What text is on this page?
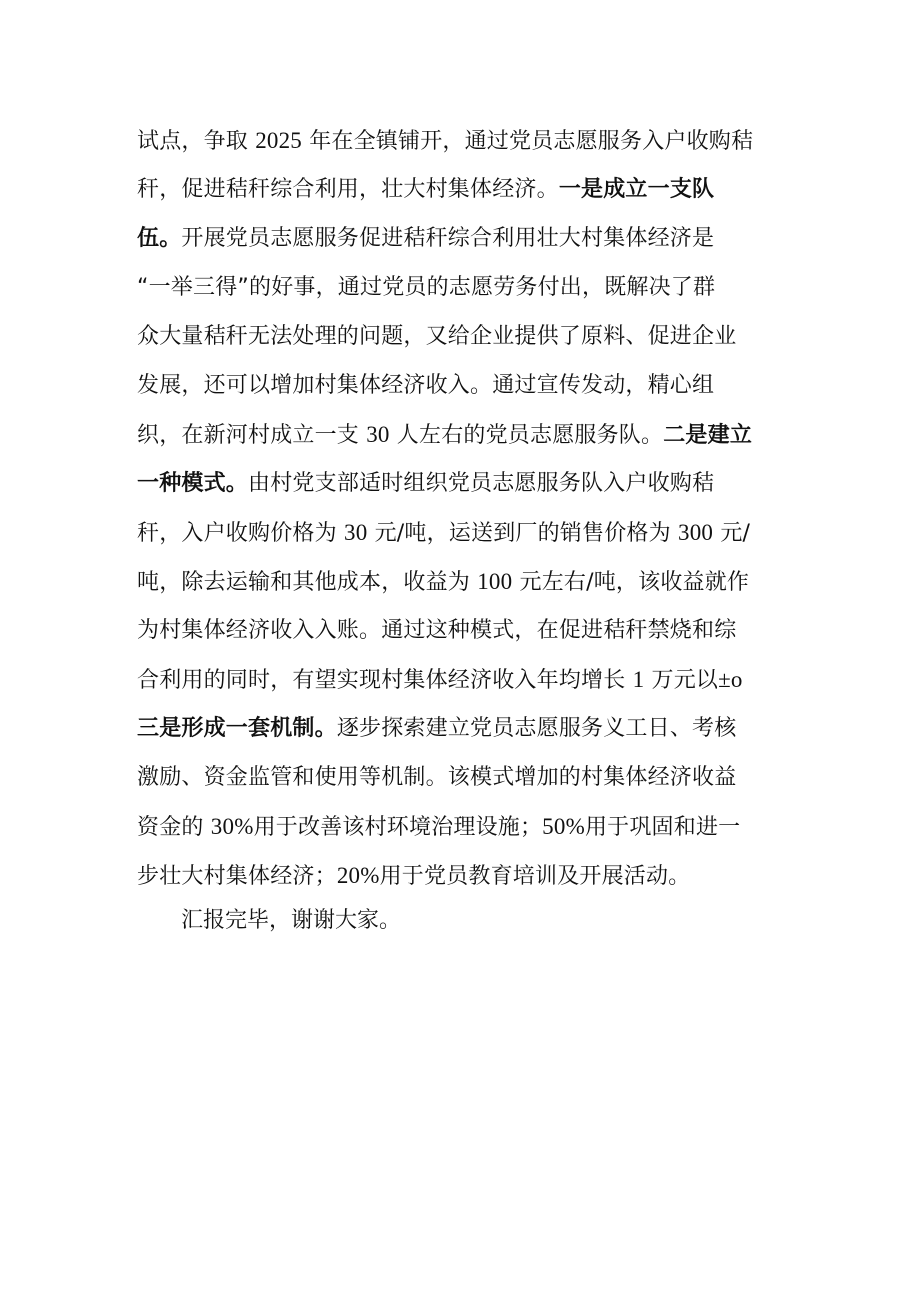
试点，争取 2025 年在全镇铺开，通过党员志愿服务入户收购秸
秆，促进秸秆综合利用，壮大村集体经济。一是成立一支队
伍。开展党员志愿服务促进秸秆综合利用壮大村集体经济是
“一举三得”的好事，通过党员的志愿劳务付出，既解决了群
众大量秸秆无法处理的问题，又给企业提供了原料、促进企业
发展，还可以增加村集体经济收入。通过宣传发动，精心组
织，在新河村成立一支 30 人左右的党员志愿服务队。二是建立
一种模式。由村党支部适时组织党员志愿服务队入户收购秸
秆，入户收购价格为 30 元/吨，运送到厂的销售价格为 300 元/
吨，除去运输和其他成本，收益为 100 元左右/吨，该收益就作
为村集体经济收入入账。通过这种模式，在促进秸秆禁烧和综
合利用的同时，有望实现村集体经济收入年均增长 1 万元以±o
三是形成一套机制。逐步探索建立党员志愿服务义工日、考核
激励、资金监管和使用等机制。该模式增加的村集体经济收益
资金的 30%用于改善该村环境治理设施；50%用于巩固和进一
步壮大村集体经济；20%用于党员教育培训及开展活动。

汇报完毕，谢谢大家。
